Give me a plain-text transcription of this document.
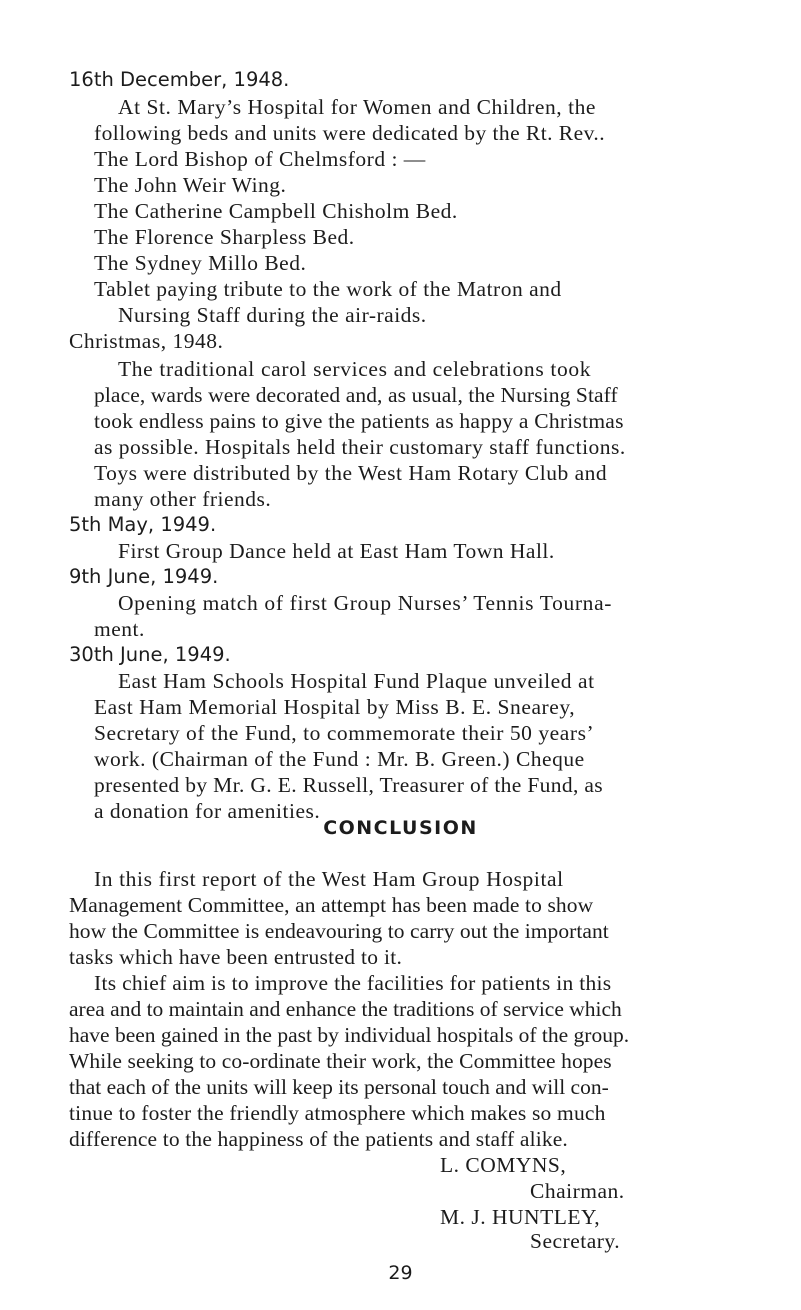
16th December, 1948.
At St. Mary’s Hospital for Women and Children, the
following beds and units were dedicated by the Rt. Rev..
The Lord Bishop of Chelmsford : —
The John Weir Wing.
The Catherine Campbell Chisholm Bed.
The Florence Sharpless Bed.
The Sydney Millo Bed.
Tablet paying tribute to the work of the Matron and
Nursing Staff during the air-raids.
Christmas, 1948.
The traditional carol services and celebrations took
place, wards were decorated and, as usual, the Nursing Staff
took endless pains to give the patients as happy a Christmas
as possible. Hospitals held their customary staff functions.
Toys were distributed by the West Ham Rotary Club and
many other friends.
5th May, 1949.
First Group Dance held at East Ham Town Hall.
9th June, 1949.
Opening match of first Group Nurses’ Tennis Tourna-
ment.
30th June, 1949.
East Ham Schools Hospital Fund Plaque unveiled at
East Ham Memorial Hospital by Miss B. E. Snearey,
Secretary of the Fund, to commemorate their 50 years’
work. (Chairman of the Fund : Mr. B. Green.) Cheque
presented by Mr. G. E. Russell, Treasurer of the Fund, as
a donation for amenities.
CONCLUSION
In this first report of the West Ham Group Hospital
Management Committee, an attempt has been made to show
how the Committee is endeavouring to carry out the important
tasks which have been entrusted to it.
Its chief aim is to improve the facilities for patients in this
area and to maintain and enhance the traditions of service which
have been gained in the past by individual hospitals of the group.
While seeking to co-ordinate their work, the Committee hopes
that each of the units will keep its personal touch and will con-
tinue to foster the friendly atmosphere which makes so much
difference to the happiness of the patients and staff alike.
L. COMYNS,
Chairman.
M. J. HUNTLEY,
Secretary.
29
